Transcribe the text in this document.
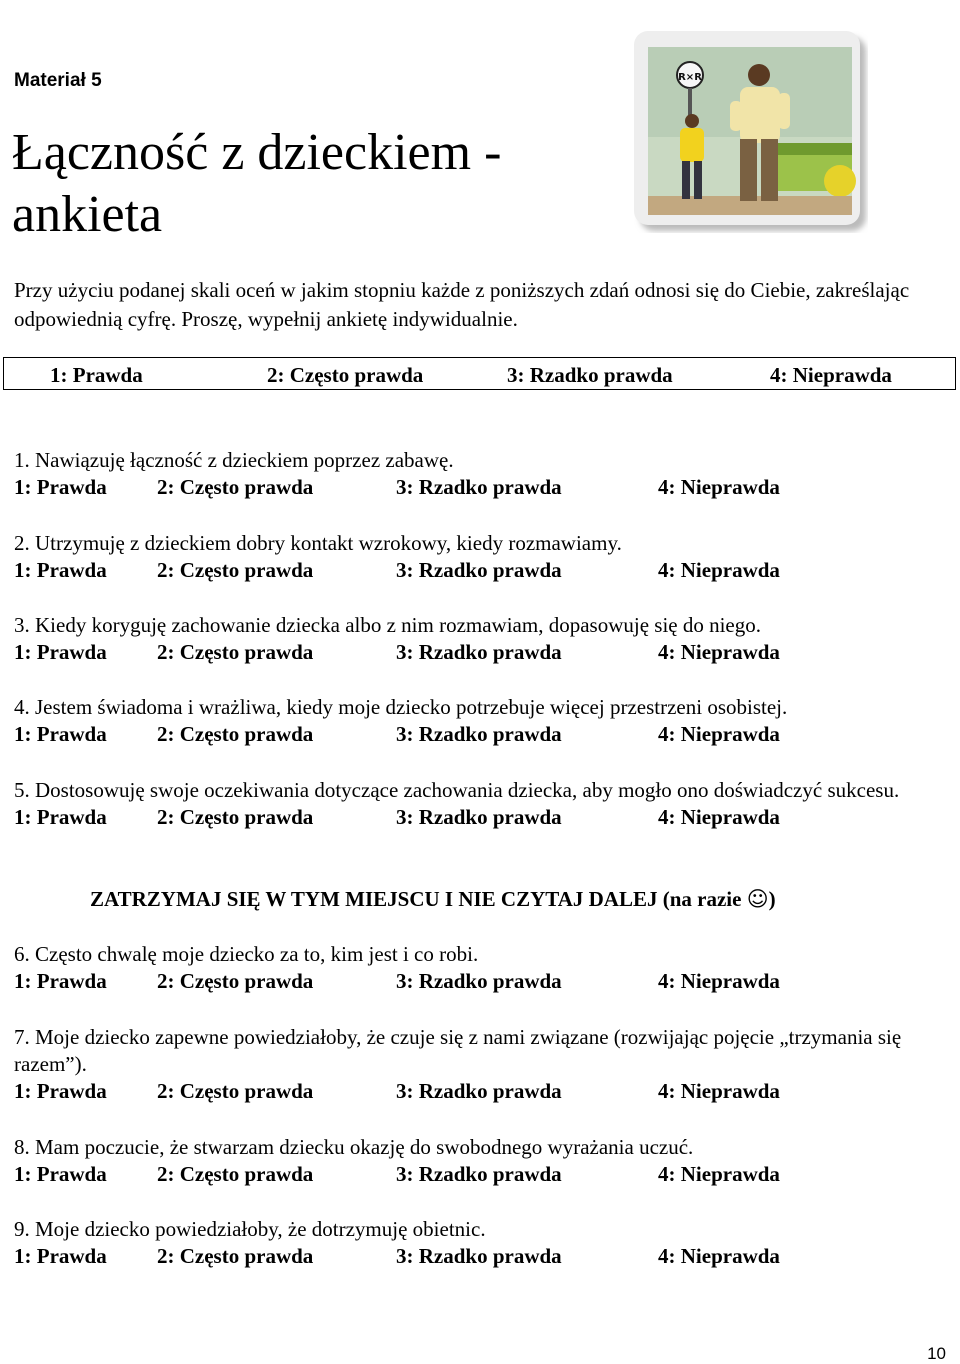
Materiał 5
Łączność z dzieckiem - ankieta
R×R
Przy użyciu podanej skali oceń w jakim stopniu każde z poniższych zdań odnosi się do Ciebie, zakreślając odpowiednią cyfrę. Proszę, wypełnij ankietę indywidualnie.
1: Prawda	2: Często prawda	3: Rzadko prawda	4: Nieprawda
1. Nawiązuję łączność z dzieckiem poprzez zabawę.
1: Prawda 2: Często prawda	3: Rzadko prawda	4: Nieprawda
2. Utrzymuję z dzieckiem dobry kontakt wzrokowy, kiedy rozmawiamy.
1: Prawda 2: Często prawda	3: Rzadko prawda	4: Nieprawda
3. Kiedy koryguję zachowanie dziecka albo z nim rozmawiam, dopasowuję się do niego.
1: Prawda 2: Często prawda	3: Rzadko prawda	4: Nieprawda
4. Jestem świadoma i wrażliwa, kiedy moje dziecko potrzebuje więcej przestrzeni osobistej.
1: Prawda 2: Często prawda	3: Rzadko prawda	4: Nieprawda
5. Dostosowuję swoje oczekiwania dotyczące zachowania dziecka, aby mogło ono doświadczyć sukcesu.
1: Prawda 2: Często prawda	3: Rzadko prawda	4: Nieprawda
ZATRZYMAJ SIĘ W TYM MIEJSCU I NIE CZYTAJ DALEJ (na razie ☺)
6. Często chwalę moje dziecko za to, kim jest i co robi.
1: Prawda 2: Często prawda	3: Rzadko prawda	4: Nieprawda
7. Moje dziecko zapewne powiedziałoby, że czuje się z nami związane (rozwijając pojęcie „trzymania się razem”).
1: Prawda 2: Często prawda	3: Rzadko prawda	4: Nieprawda
8. Mam poczucie, że stwarzam dziecku okazję do swobodnego wyrażania uczuć.
1: Prawda 2: Często prawda	3: Rzadko prawda	4: Nieprawda
9. Moje dziecko powiedziałoby, że dotrzymuję obietnic.
1: Prawda 2: Często prawda	3: Rzadko prawda	4: Nieprawda
10
